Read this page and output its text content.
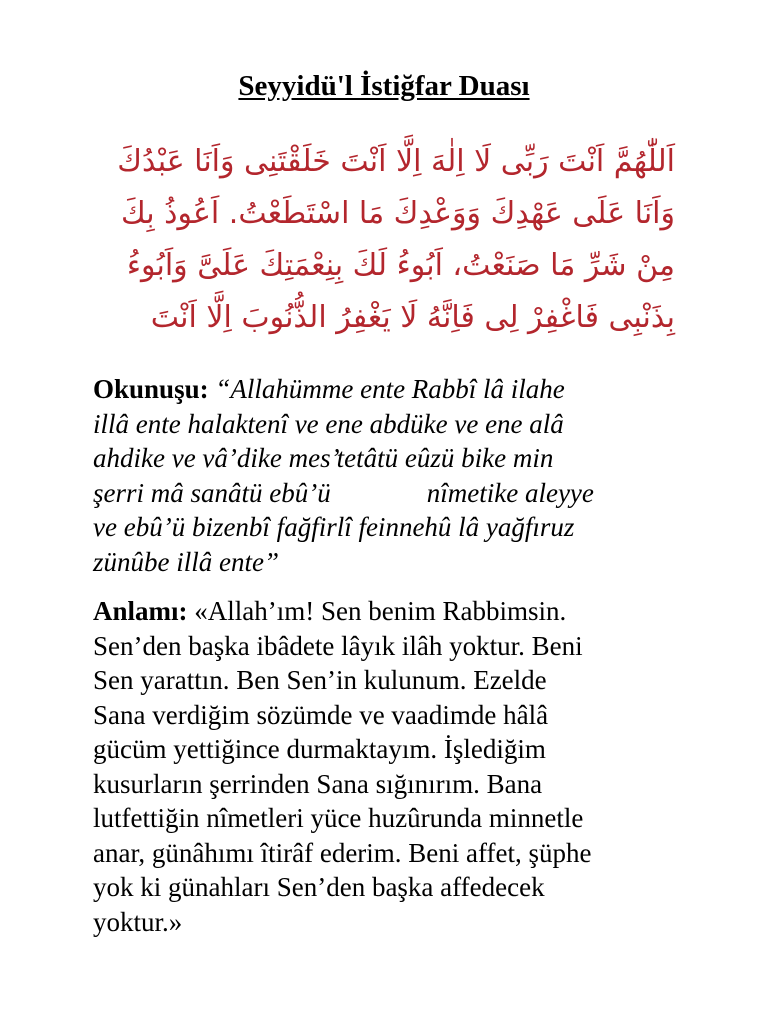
Seyyidü'l İstiğfar Duası
اَللّٰهُمَّ اَنْتَ رَبِّى لَا اِلٰهَ اِلَّا اَنْتَ خَلَقْتَنِى وَاَنَا عَبْدُكَ
وَاَنَا عَلَى عَهْدِكَ وَوَعْدِكَ مَا اسْتَطَعْتُ. اَعُوذُ بِكَ
مِنْ شَرِّ مَا صَنَعْتُ، اَبُوءُ لَكَ بِنِعْمَتِكَ عَلَىَّ وَاَبُوءُ
بِذَنْبِى فَاغْفِرْ لِى فَاِنَّهُ لَا يَغْفِرُ الذُّنُوبَ اِلَّا اَنْتَ
Okunuşu: “Allahümme ente Rabbî lâ ilahe
illâ ente halaktenî ve ene abdüke ve ene alâ
ahdike ve vâ’dike mes’tetâtü eûzü bike min
şerri mâ sanâtü ebû’ü	nîmetike aleyye
ve ebû’ü bizenbî fağfirlî feinnehû lâ yağfıruz
zünûbe illâ ente”
Anlamı: «Allah’ım! Sen benim Rabbimsin.
Sen’den başka ibâdete lâyık ilâh yoktur. Beni
Sen yarattın. Ben Sen’in kulunum. Ezelde
Sana verdiğim sözümde ve vaadimde hâlâ
gücüm yettiğince durmaktayım. İşlediğim
kusurların şerrinden Sana sığınırım. Bana
lutfettiğin nîmetleri yüce huzûrunda minnetle
anar, günâhımı îtirâf ederim. Beni affet, şüphe
yok ki günahları Sen’den başka affedecek
yoktur.»
